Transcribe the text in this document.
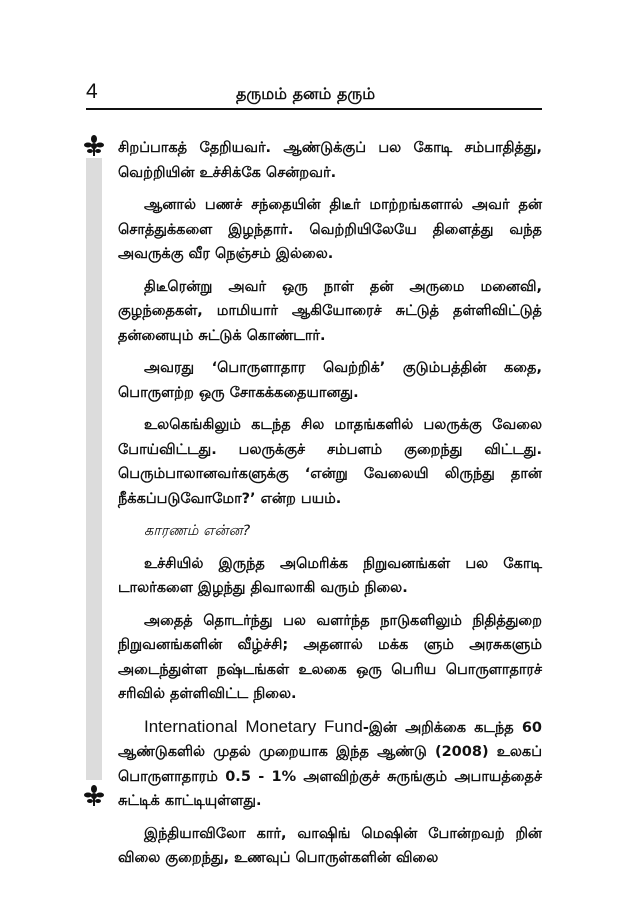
4	தருமம் தனம் தரும்

சிறப்பாகத் தேறியவர். ஆண்டுக்குப் பல கோடி சம்பாதித்து, வெற்றியின் உச்சிக்கே சென்றவர்.

ஆனால் பணச் சந்தையின் திடீர் மாற்றங்களால் அவர் தன் சொத்துக்களை இழந்தார். வெற்றியிலேயே திளைத்து வந்த அவருக்கு வீர நெஞ்சம் இல்லை.

திடீரென்று அவர் ஒரு நாள் தன் அருமை மனைவி, குழந்தைகள், மாமியார் ஆகியோரைச் சுட்டுத் தள்ளிவிட்டுத் தன்னையும் சுட்டுக் கொண்டார்.

அவரது ‘பொருளாதார வெற்றிக்’ குடும்பத்தின் கதை, பொருளற்ற ஒரு சோகக்கதையானது.

உலகெங்கிலும் கடந்த சில மாதங்களில் பலருக்கு வேலை போய்விட்டது. பலருக்குச் சம்பளம் குறைந்து விட்டது. பெரும்பாலானவர்களுக்கு ‘என்று வேலையி லிருந்து தான் நீக்கப்படுவோமோ?’ என்ற பயம்.

காரணம் என்ன?

உச்சியில் இருந்த அமெரிக்க நிறுவனங்கள் பல கோடி டாலர்களை இழந்து திவாலாகி வரும் நிலை.

அதைத் தொடர்ந்து பல வளர்ந்த நாடுகளிலும் நிதித்துறை நிறுவனங்களின் வீழ்ச்சி; அதனால் மக்க ளும் அரசுகளும் அடைந்துள்ள நஷ்டங்கள் உலகை ஒரு பெரிய பொருளாதாரச் சரிவில் தள்ளிவிட்ட நிலை.

International Monetary Fund-இன் அறிக்கை கடந்த 60 ஆண்டுகளில் முதல் முறையாக இந்த ஆண்டு (2008) உலகப் பொருளாதாரம் 0.5 - 1% அளவிற்குச் சுருங்கும் அபாயத்தைச் சுட்டிக் காட்டியுள்ளது.

இந்தியாவிலோ கார், வாஷிங் மெஷின் போன்றவற் றின் விலை குறைந்து, உணவுப் பொருள்களின் விலை
